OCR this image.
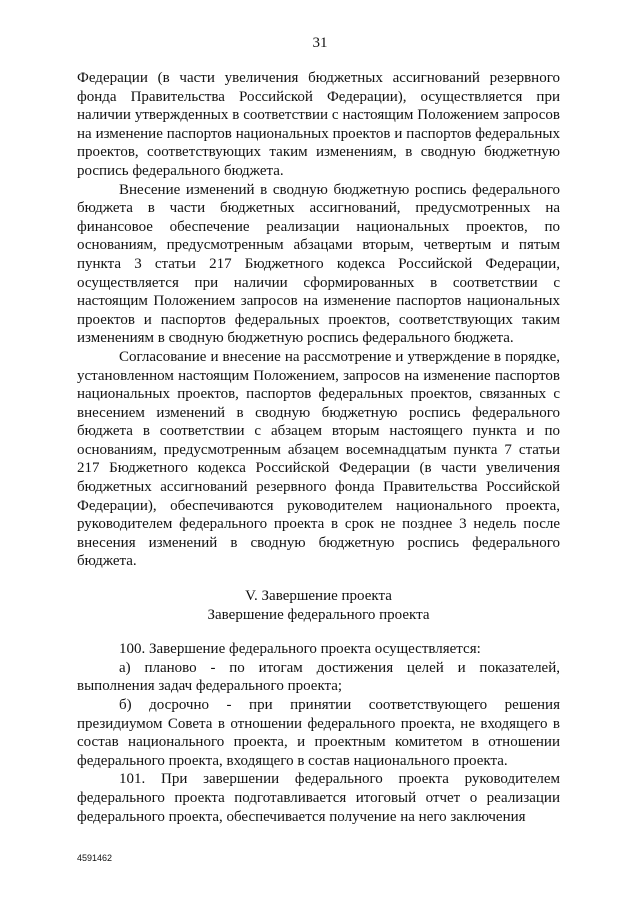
31

Федерации (в части увеличения бюджетных ассигнований резервного фонда Правительства Российской Федерации), осуществляется при наличии утвержденных в соответствии с настоящим Положением запросов на изменение паспортов национальных проектов и паспортов федеральных проектов, соответствующих таким изменениям, в сводную бюджетную роспись федерального бюджета.

Внесение изменений в сводную бюджетную роспись федерального бюджета в части бюджетных ассигнований, предусмотренных на финансовое обеспечение реализации национальных проектов, по основаниям, предусмотренным абзацами вторым, четвертым и пятым пункта 3 статьи 217 Бюджетного кодекса Российской Федерации, осуществляется при наличии сформированных в соответствии с настоящим Положением запросов на изменение паспортов национальных проектов и паспортов федеральных проектов, соответствующих таким изменениям в сводную бюджетную роспись федерального бюджета.

Согласование и внесение на рассмотрение и утверждение в порядке, установленном настоящим Положением, запросов на изменение паспортов национальных проектов, паспортов федеральных проектов, связанных с внесением изменений в сводную бюджетную роспись федерального бюджета в соответствии с абзацем вторым настоящего пункта и по основаниям, предусмотренным абзацем восемнадцатым пункта 7 статьи 217 Бюджетного кодекса Российской Федерации (в части увеличения бюджетных ассигнований резервного фонда Правительства Российской Федерации), обеспечиваются руководителем национального проекта, руководителем федерального проекта в срок не позднее 3 недель после внесения изменений в сводную бюджетную роспись федерального бюджета.

V. Завершение проекта

Завершение федерального проекта

100. Завершение федерального проекта осуществляется:

а) планово - по итогам достижения целей и показателей, выполнения задач федерального проекта;

б) досрочно - при принятии соответствующего решения президиумом Совета в отношении федерального проекта, не входящего в состав национального проекта, и проектным комитетом в отношении федерального проекта, входящего в состав национального проекта.

101. При завершении федерального проекта руководителем федерального проекта подготавливается итоговый отчет о реализации федерального проекта, обеспечивается получение на него заключения

4591462
